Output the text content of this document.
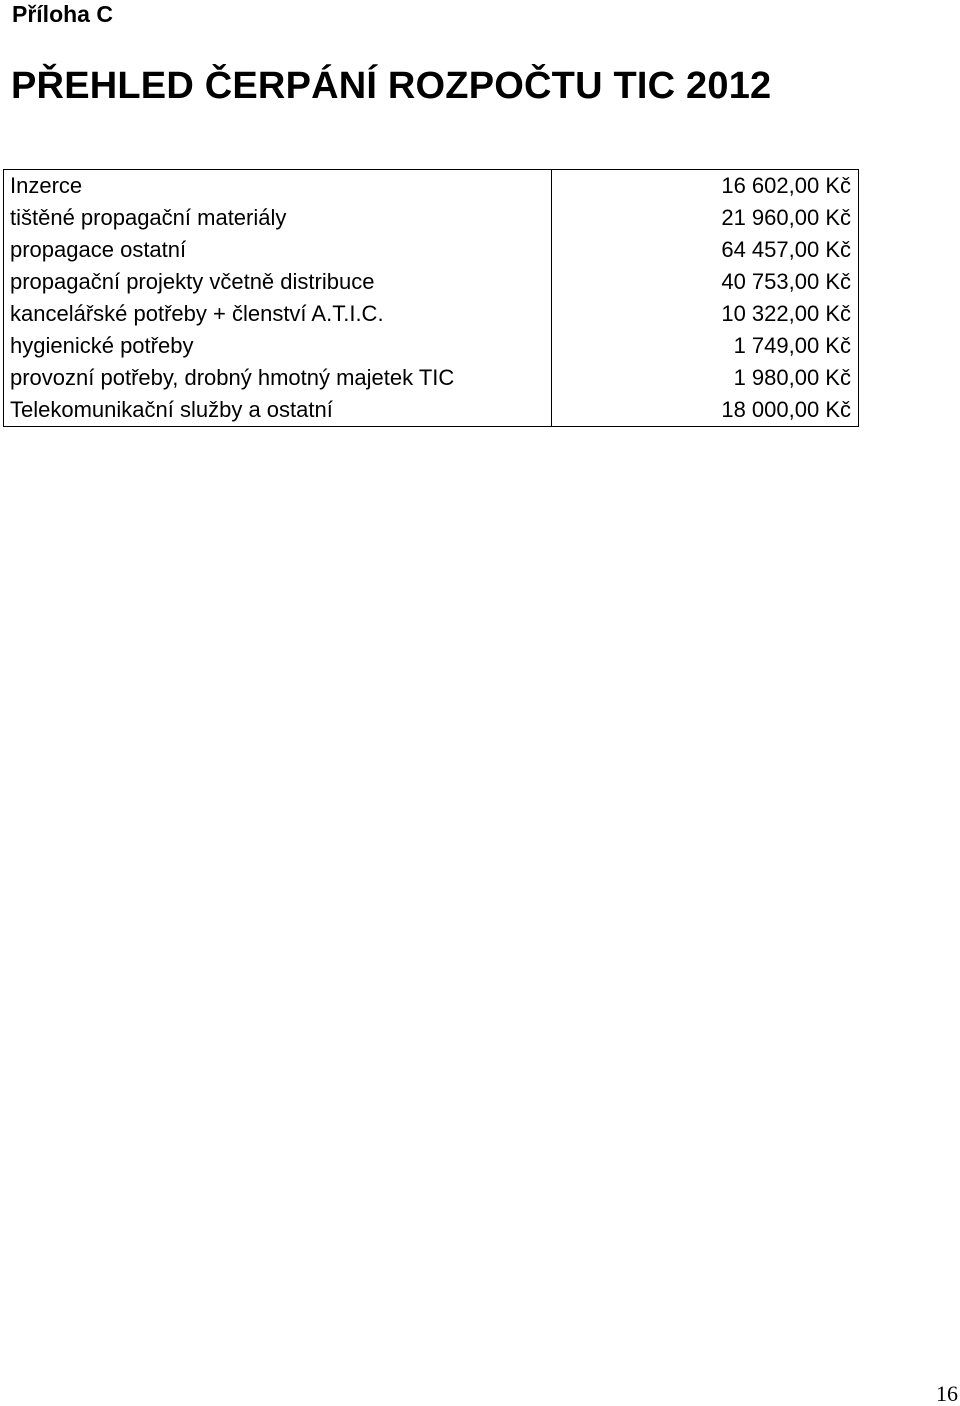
Příloha C
PŘEHLED ČERPÁNÍ ROZPOČTU TIC 2012
Inzerce	16 602,00 Kč
tištěné propagační materiály	21 960,00 Kč
propagace ostatní	64 457,00 Kč
propagační projekty včetně distribuce	40 753,00 Kč
kancelářské potřeby + členství A.T.I.C.	10 322,00 Kč
hygienické potřeby	1 749,00 Kč
provozní potřeby, drobný hmotný majetek TIC	1 980,00 Kč
Telekomunikační služby a ostatní	18 000,00 Kč
16
